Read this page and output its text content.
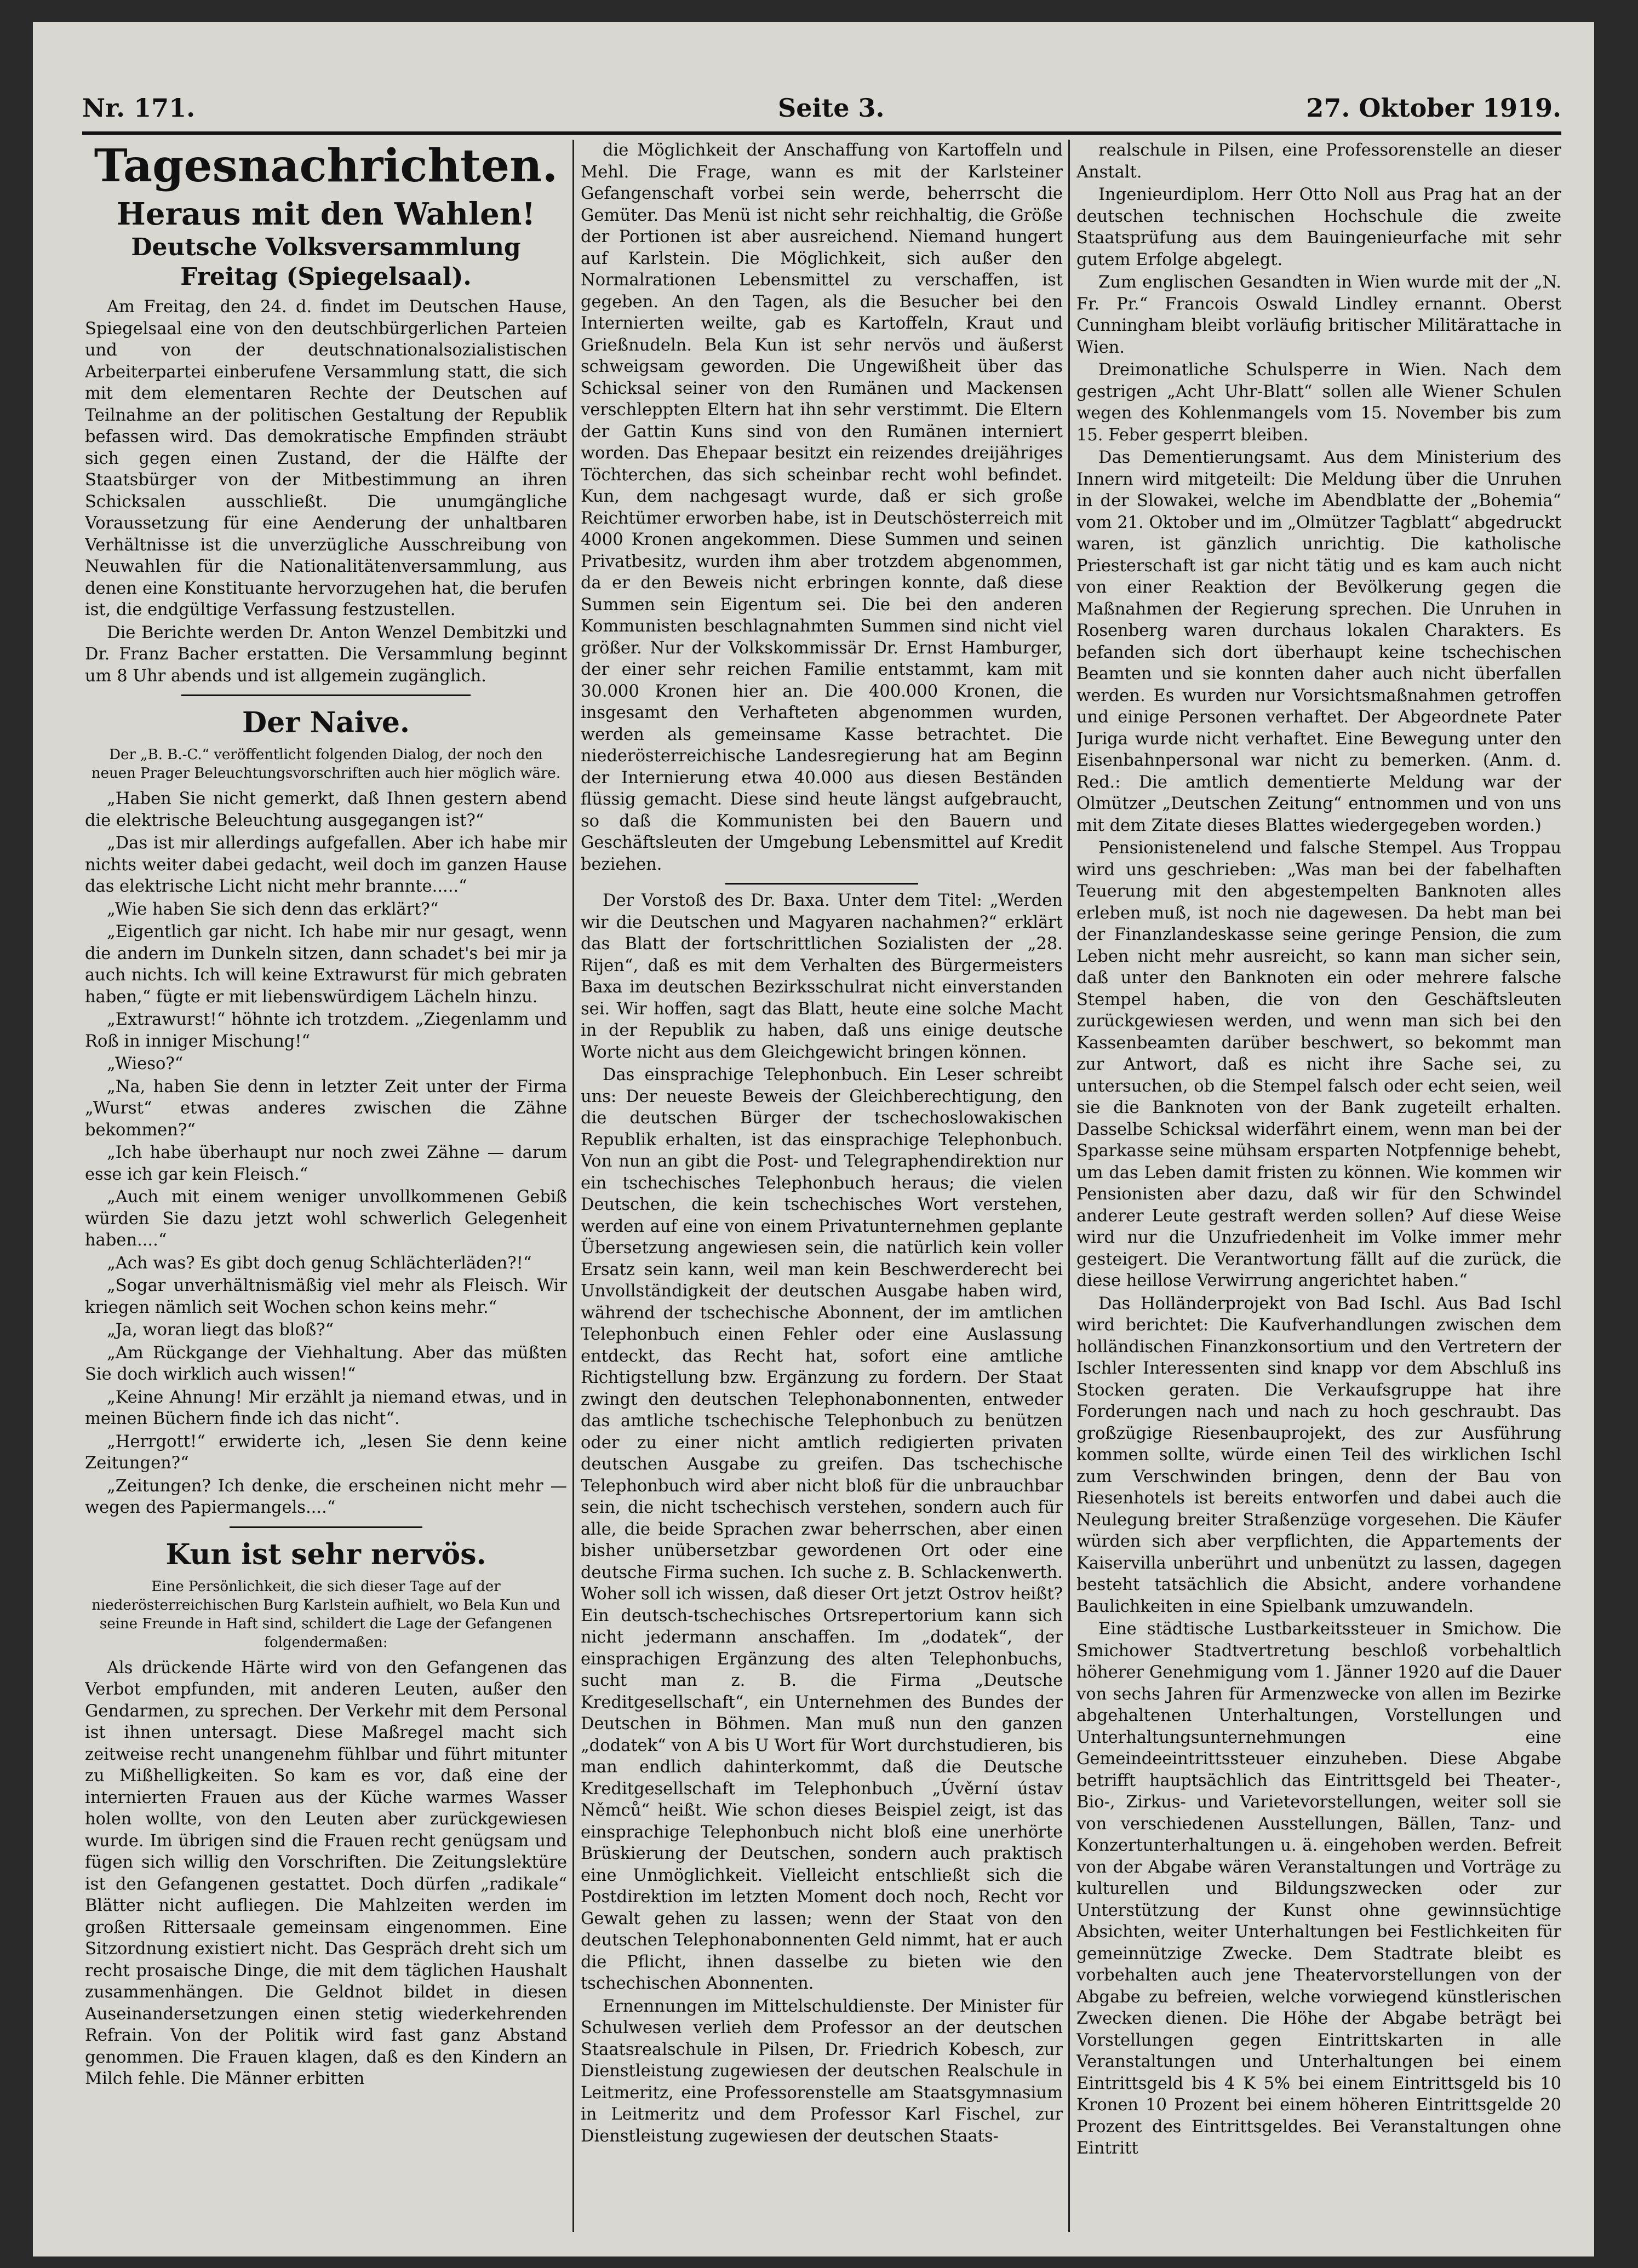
Nr. 171.	Seite 3.	27. Oktober 1919.
Tagesnachrichten.
Heraus mit den Wahlen!
Deutsche Volksversammlung Freitag (Spiegelsaal).

Am Freitag, den 24. d. findet im Deutschen Hause, Spiegelsaal eine von den deutschbürgerlichen Parteien und von der deutschnationalsozialistischen Arbeiterpartei einberufene Versammlung statt, die sich mit dem elementaren Rechte der Deutschen auf Teilnahme an der politischen Gestaltung der Republik befassen wird. Das demokratische Empfinden sträubt sich gegen einen Zustand, der die Hälfte der Staatsbürger von der Mitbestimmung an ihren Schicksalen ausschließt. Die unumgängliche Voraussetzung für eine Aenderung der unhaltbaren Verhältnisse ist die unverzügliche Ausschreibung von Neuwahlen für die Nationalitätenversammlung, aus denen eine Konstituante hervorzugehen hat, die berufen ist, die endgültige Verfassung festzustellen.

Die Berichte werden Dr. Anton Wenzel Dembitzki und Dr. Franz Bacher erstatten. Die Versammlung beginnt um 8 Uhr abends und ist allgemein zugänglich.

Der Naive.
Der „B. B.-C.“ veröffentlicht folgenden Dialog, der noch den neuen Prager Beleuchtungsvorschriften auch hier möglich wäre.

„Haben Sie nicht gemerkt, daß Ihnen gestern abend die elektrische Beleuchtung ausgegangen ist?“

„Das ist mir allerdings aufgefallen. Aber ich habe mir nichts weiter dabei gedacht, weil doch im ganzen Hause das elektrische Licht nicht mehr brannte.....“

„Wie haben Sie sich denn das erklärt?“

„Eigentlich gar nicht. Ich habe mir nur gesagt, wenn die andern im Dunkeln sitzen, dann schadet's bei mir ja auch nichts. Ich will keine Extrawurst für mich gebraten haben,“ fügte er mit liebenswürdigem Lächeln hinzu.

„Extrawurst!“ höhnte ich trotzdem. „Ziegenlamm und Roß in inniger Mischung!“

„Wieso?“

„Na, haben Sie denn in letzter Zeit unter der Firma „Wurst“ etwas anderes zwischen die Zähne bekommen?“

„Ich habe überhaupt nur noch zwei Zähne — darum esse ich gar kein Fleisch.“

„Auch mit einem weniger unvollkommenen Gebiß würden Sie dazu jetzt wohl schwerlich Gelegenheit haben....“

„Ach was? Es gibt doch genug Schlächterläden?!“

„Sogar unverhältnismäßig viel mehr als Fleisch. Wir kriegen nämlich seit Wochen schon keins mehr.“

„Ja, woran liegt das bloß?“

„Am Rückgange der Viehhaltung. Aber das müßten Sie doch wirklich auch wissen!“

„Keine Ahnung! Mir erzählt ja niemand etwas, und in meinen Büchern finde ich das nicht“.

„Herrgott!“ erwiderte ich, „lesen Sie denn keine Zeitungen?“

„Zeitungen? Ich denke, die erscheinen nicht mehr — wegen des Papiermangels....“

Kun ist sehr nervös.
Eine Persönlichkeit, die sich dieser Tage auf der niederösterreichischen Burg Karlstein aufhielt, wo Bela Kun und seine Freunde in Haft sind, schildert die Lage der Gefangenen folgendermaßen:

Als drückende Härte wird von den Gefangenen das Verbot empfunden, mit anderen Leuten, außer den Gendarmen, zu sprechen. Der Verkehr mit dem Personal ist ihnen untersagt. Diese Maßregel macht sich zeitweise recht unangenehm fühlbar und führt mitunter zu Mißhelligkeiten. So kam es vor, daß eine der internierten Frauen aus der Küche warmes Wasser holen wollte, von den Leuten aber zurückgewiesen wurde. Im übrigen sind die Frauen recht genügsam und fügen sich willig den Vorschriften. Die Zeitungslektüre ist den Gefangenen gestattet. Doch dürfen „radikale“ Blätter nicht aufliegen. Die Mahlzeiten werden im großen Rittersaale gemeinsam eingenommen. Eine Sitzordnung existiert nicht. Das Gespräch dreht sich um recht prosaische Dinge, die mit dem täglichen Haushalt zusammenhängen. Die Geldnot bildet in diesen Auseinandersetzungen einen stetig wiederkehrenden Refrain. Von der Politik wird fast ganz Abstand genommen. Die Frauen klagen, daß es den Kindern an Milch fehle. Die Männer erbitten

die Möglichkeit der Anschaffung von Kartoffeln und Mehl. Die Frage, wann es mit der Karlsteiner Gefangenschaft vorbei sein werde, beherrscht die Gemüter. Das Menü ist nicht sehr reichhaltig, die Größe der Portionen ist aber ausreichend. Niemand hungert auf Karlstein. Die Möglichkeit, sich außer den Normalrationen Lebensmittel zu verschaffen, ist gegeben. An den Tagen, als die Besucher bei den Internierten weilte, gab es Kartoffeln, Kraut und Grießnudeln. Bela Kun ist sehr nervös und äußerst schweigsam geworden. Die Ungewißheit über das Schicksal seiner von den Rumänen und Mackensen verschleppten Eltern hat ihn sehr verstimmt. Die Eltern der Gattin Kuns sind von den Rumänen interniert worden. Das Ehepaar besitzt ein reizendes dreijähriges Töchterchen, das sich scheinbar recht wohl befindet. Kun, dem nachgesagt wurde, daß er sich große Reichtümer erworben habe, ist in Deutschösterreich mit 4000 Kronen angekommen. Diese Summen und seinen Privatbesitz, wurden ihm aber trotzdem abgenommen, da er den Beweis nicht erbringen konnte, daß diese Summen sein Eigentum sei. Die bei den anderen Kommunisten beschlagnahmten Summen sind nicht viel größer. Nur der Volkskommissär Dr. Ernst Hamburger, der einer sehr reichen Familie entstammt, kam mit 30.000 Kronen hier an. Die 400.000 Kronen, die insgesamt den Verhafteten abgenommen wurden, werden als gemeinsame Kasse betrachtet. Die niederösterreichische Landesregierung hat am Beginn der Internierung etwa 40.000 aus diesen Beständen flüssig gemacht. Diese sind heute längst aufgebraucht, so daß die Kommunisten bei den Bauern und Geschäftsleuten der Umgebung Lebensmittel auf Kredit beziehen.

Der Vorstoß des Dr. Baxa. Unter dem Titel: „Werden wir die Deutschen und Magyaren nachahmen?“ erklärt das Blatt der fortschrittlichen Sozialisten der „28. Rijen“, daß es mit dem Verhalten des Bürgermeisters Baxa im deutschen Bezirksschulrat nicht einverstanden sei. Wir hoffen, sagt das Blatt, heute eine solche Macht in der Republik zu haben, daß uns einige deutsche Worte nicht aus dem Gleichgewicht bringen können.

Das einsprachige Telephonbuch. Ein Leser schreibt uns: Der neueste Beweis der Gleichberechtigung, den die deutschen Bürger der tschechoslowakischen Republik erhalten, ist das einsprachige Telephonbuch. Von nun an gibt die Post- und Telegraphendirektion nur ein tschechisches Telephonbuch heraus; die vielen Deutschen, die kein tschechisches Wort verstehen, werden auf eine von einem Privatunternehmen geplante Übersetzung angewiesen sein, die natürlich kein voller Ersatz sein kann, weil man kein Beschwerderecht bei Unvollständigkeit der deutschen Ausgabe haben wird, während der tschechische Abonnent, der im amtlichen Telephonbuch einen Fehler oder eine Auslassung entdeckt, das Recht hat, sofort eine amtliche Richtigstellung bzw. Ergänzung zu fordern. Der Staat zwingt den deutschen Telephonabonnenten, entweder das amtliche tschechische Telephonbuch zu benützen oder zu einer nicht amtlich redigierten privaten deutschen Ausgabe zu greifen. Das tschechische Telephonbuch wird aber nicht bloß für die unbrauchbar sein, die nicht tschechisch verstehen, sondern auch für alle, die beide Sprachen zwar beherrschen, aber einen bisher unübersetzbar gewordenen Ort oder eine deutsche Firma suchen. Ich suche z. B. Schlackenwerth. Woher soll ich wissen, daß dieser Ort jetzt Ostrov heißt? Ein deutsch-tschechisches Ortsrepertorium kann sich nicht jedermann anschaffen. Im „dodatek“, der einsprachigen Ergänzung des alten Telephonbuchs, sucht man z. B. die Firma „Deutsche Kreditgesellschaft“, ein Unternehmen des Bundes der Deutschen in Böhmen. Man muß nun den ganzen „dodatek“ von A bis U Wort für Wort durchstudieren, bis man endlich dahinterkommt, daß die Deutsche Kreditgesellschaft im Telephonbuch „Úvěrní ústav Němců“ heißt. Wie schon dieses Beispiel zeigt, ist das einsprachige Telephonbuch nicht bloß eine unerhörte Brüskierung der Deutschen, sondern auch praktisch eine Unmöglichkeit. Vielleicht entschließt sich die Postdirektion im letzten Moment doch noch, Recht vor Gewalt gehen zu lassen; wenn der Staat von den deutschen Telephonabonnenten Geld nimmt, hat er auch die Pflicht, ihnen dasselbe zu bieten wie den tschechischen Abonnenten.

Ernennungen im Mittelschuldienste. Der Minister für Schulwesen verlieh dem Professor an der deutschen Staatsrealschule in Pilsen, Dr. Friedrich Kobesch, zur Dienstleistung zugewiesen der deutschen Realschule in Leitmeritz, eine Professorenstelle am Staatsgymnasium in Leitmeritz und dem Professor Karl Fischel, zur Dienstleistung zugewiesen der deutschen Staats-

realschule in Pilsen, eine Professorenstelle an dieser Anstalt.

Ingenieurdiplom. Herr Otto Noll aus Prag hat an der deutschen technischen Hochschule die zweite Staatsprüfung aus dem Bauingenieurfache mit sehr gutem Erfolge abgelegt.

Zum englischen Gesandten in Wien wurde mit der „N. Fr. Pr.“ Francois Oswald Lindley ernannt. Oberst Cunningham bleibt vorläufig britischer Militärattache in Wien.

Dreimonatliche Schulsperre in Wien. Nach dem gestrigen „Acht Uhr-Blatt“ sollen alle Wiener Schulen wegen des Kohlenmangels vom 15. November bis zum 15. Feber gesperrt bleiben.

Das Dementierungsamt. Aus dem Ministerium des Innern wird mitgeteilt: Die Meldung über die Unruhen in der Slowakei, welche im Abendblatte der „Bohemia“ vom 21. Oktober und im „Olmützer Tagblatt“ abgedruckt waren, ist gänzlich unrichtig. Die katholische Priesterschaft ist gar nicht tätig und es kam auch nicht von einer Reaktion der Bevölkerung gegen die Maßnahmen der Regierung sprechen. Die Unruhen in Rosenberg waren durchaus lokalen Charakters. Es befanden sich dort überhaupt keine tschechischen Beamten und sie konnten daher auch nicht überfallen werden. Es wurden nur Vorsichtsmaßnahmen getroffen und einige Personen verhaftet. Der Abgeordnete Pater Juriga wurde nicht verhaftet. Eine Bewegung unter den Eisenbahnpersonal war nicht zu bemerken. (Anm. d. Red.: Die amtlich dementierte Meldung war der Olmützer „Deutschen Zeitung“ entnommen und von uns mit dem Zitate dieses Blattes wiedergegeben worden.)

Pensionistenelend und falsche Stempel. Aus Troppau wird uns geschrieben: „Was man bei der fabelhaften Teuerung mit den abgestempelten Banknoten alles erleben muß, ist noch nie dagewesen. Da hebt man bei der Finanzlandeskasse seine geringe Pension, die zum Leben nicht mehr ausreicht, so kann man sicher sein, daß unter den Banknoten ein oder mehrere falsche Stempel haben, die von den Geschäftsleuten zurückgewiesen werden, und wenn man sich bei den Kassenbeamten darüber beschwert, so bekommt man zur Antwort, daß es nicht ihre Sache sei, zu untersuchen, ob die Stempel falsch oder echt seien, weil sie die Banknoten von der Bank zugeteilt erhalten. Dasselbe Schicksal widerfährt einem, wenn man bei der Sparkasse seine mühsam ersparten Notpfennige behebt, um das Leben damit fristen zu können. Wie kommen wir Pensionisten aber dazu, daß wir für den Schwindel anderer Leute gestraft werden sollen? Auf diese Weise wird nur die Unzufriedenheit im Volke immer mehr gesteigert. Die Verantwortung fällt auf die zurück, die diese heillose Verwirrung angerichtet haben.“

Das Holländerprojekt von Bad Ischl. Aus Bad Ischl wird berichtet: Die Kaufverhandlungen zwischen dem holländischen Finanzkonsortium und den Vertretern der Ischler Interessenten sind knapp vor dem Abschluß ins Stocken geraten. Die Verkaufsgruppe hat ihre Forderungen nach und nach zu hoch geschraubt. Das großzügige Riesenbauprojekt, des zur Ausführung kommen sollte, würde einen Teil des wirklichen Ischl zum Verschwinden bringen, denn der Bau von Riesenhotels ist bereits entworfen und dabei auch die Neulegung breiter Straßenzüge vorgesehen. Die Käufer würden sich aber verpflichten, die Appartements der Kaiservilla unberührt und unbenützt zu lassen, dagegen besteht tatsächlich die Absicht, andere vorhandene Baulichkeiten in eine Spielbank umzuwandeln.

Eine städtische Lustbarkeitssteuer in Smichow. Die Smichower Stadtvertretung beschloß vorbehaltlich höherer Genehmigung vom 1. Jänner 1920 auf die Dauer von sechs Jahren für Armenzwecke von allen im Bezirke abgehaltenen Unterhaltungen, Vorstellungen und Unterhaltungsunternehmungen eine Gemeindeeintrittssteuer einzuheben. Diese Abgabe betrifft hauptsächlich das Eintrittsgeld bei Theater-, Bio-, Zirkus- und Varietevorstellungen, weiter soll sie von verschiedenen Ausstellungen, Bällen, Tanz- und Konzertunterhaltungen u. ä. eingehoben werden. Befreit von der Abgabe wären Veranstaltungen und Vorträge zu kulturellen und Bildungszwecken oder zur Unterstützung der Kunst ohne gewinnsüchtige Absichten, weiter Unterhaltungen bei Festlichkeiten für gemeinnützige Zwecke. Dem Stadtrate bleibt es vorbehalten auch jene Theatervorstellungen von der Abgabe zu befreien, welche vorwiegend künstlerischen Zwecken dienen. Die Höhe der Abgabe beträgt bei Vorstellungen gegen Eintrittskarten in alle Veranstaltungen und Unterhaltungen bei einem Eintrittsgeld bis 4 K 5% bei einem Eintrittsgeld bis 10 Kronen 10 Prozent bei einem höheren Eintrittsgelde 20 Prozent des Eintrittsgeldes. Bei Veranstaltungen ohne Eintritt
